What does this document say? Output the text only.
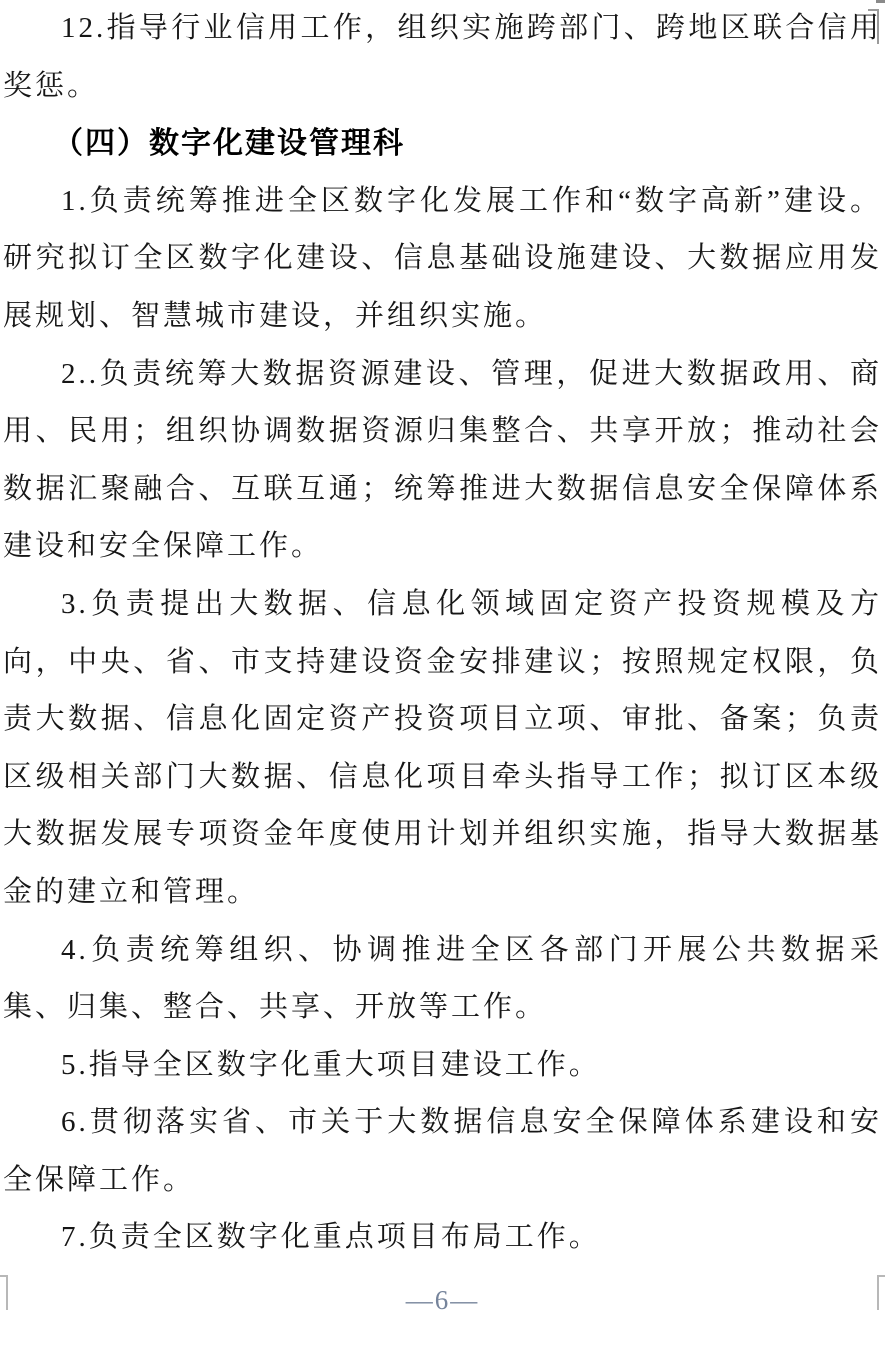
12.指导行业信用工作，组织实施跨部门、跨地区联合信用奖惩。

（四）数字化建设管理科

1.负责统筹推进全区数字化发展工作和“数字高新”建设。研究拟订全区数字化建设、信息基础设施建设、大数据应用发展规划、智慧城市建设，并组织实施。

2..负责统筹大数据资源建设、管理，促进大数据政用、商用、民用；组织协调数据资源归集整合、共享开放；推动社会数据汇聚融合、互联互通；统筹推进大数据信息安全保障体系建设和安全保障工作。

3.负责提出大数据、信息化领域固定资产投资规模及方向，中央、省、市支持建设资金安排建议；按照规定权限，负责大数据、信息化固定资产投资项目立项、审批、备案；负责区级相关部门大数据、信息化项目牵头指导工作；拟订区本级大数据发展专项资金年度使用计划并组织实施，指导大数据基金的建立和管理。

4.负责统筹组织、协调推进全区各部门开展公共数据采集、归集、整合、共享、开放等工作。

5.指导全区数字化重大项目建设工作。

6.贯彻落实省、市关于大数据信息安全保障体系建设和安全保障工作。

7.负责全区数字化重点项目布局工作。

—6—
